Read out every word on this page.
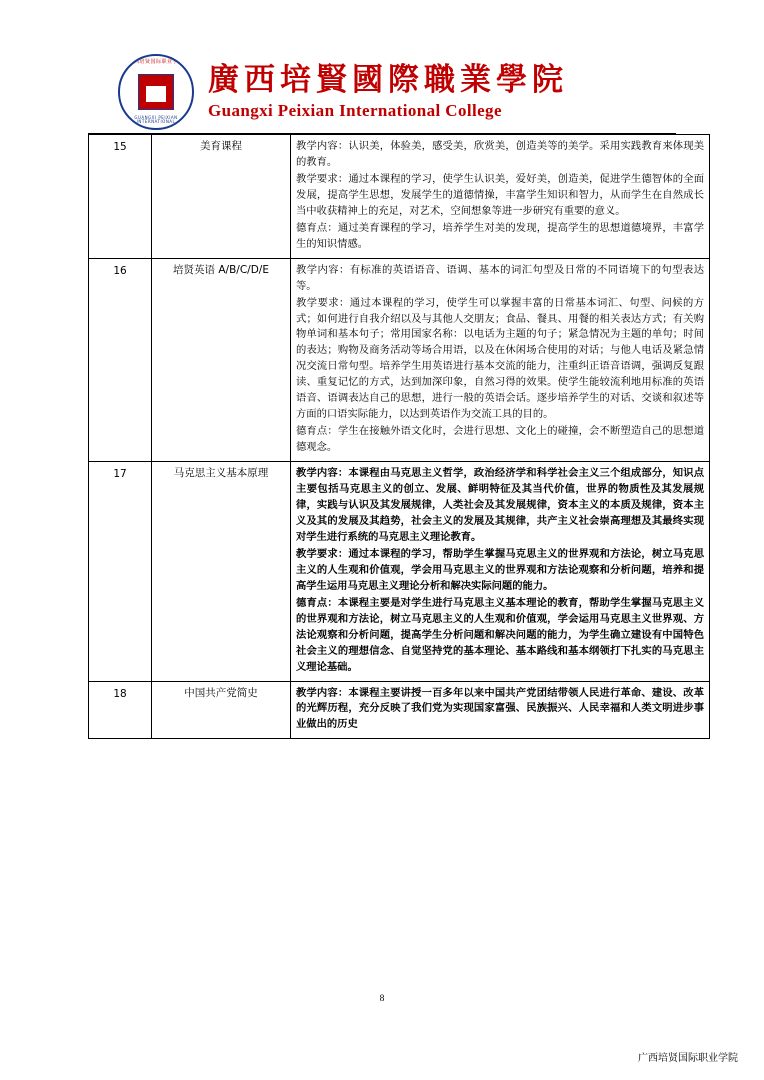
广西培贤国际职业学院
GUANGXI PEIXIAN INTERNATIONAL
廣西培賢國際職業學院
Guangxi Peixian International College
15	美育课程	教学内容：认识美，体验美，感受美，欣赏美，创造美等的美学。采用实践教育来体现美的教育。

教学要求：通过本课程的学习，使学生认识美，爱好美，创造美，促进学生德智体的全面发展，提高学生思想，发展学生的道德情操，丰富学生知识和智力，从而学生在自然成长当中收获精神上的充足，对艺术，空间想象等进一步研究有重要的意义。

德育点：通过美育课程的学习，培养学生对美的发现，提高学生的思想道德境界，丰富学生的知识情感。

16	培贤英语 A/B/C/D/E	教学内容：有标准的英语语音、语调、基本的词汇句型及日常的不同语境下的句型表达等。

教学要求：通过本课程的学习，使学生可以掌握丰富的日常基本词汇、句型、问候的方式；如何进行自我介绍以及与其他人交朋友；食品、餐具、用餐的相关表达方式；有关购物单词和基本句子；常用国家名称：以电话为主题的句子；紧急情况为主题的单句；时间的表达；购物及商务活动等场合用语，以及在休闲场合使用的对话；与他人电话及紧急情况交流日常句型。培养学生用英语进行基本交流的能力，注重纠正语音语调，强调反复跟读、重复记忆的方式，达到加深印象，自然习得的效果。使学生能较流利地用标准的英语语音、语调表达自己的思想，进行一般的英语会话。逐步培养学生的对话、交谈和叙述等方面的口语实际能力，以达到英语作为交流工具的目的。

德育点：学生在接触外语文化时，会进行思想、文化上的碰撞，会不断塑造自己的思想道德观念。

17	马克思主义基本原理	教学内容：本课程由马克思主义哲学，政治经济学和科学社会主义三个组成部分，知识点主要包括马克思主义的创立、发展、鲜明特征及其当代价值，世界的物质性及其发展规律，实践与认识及其发展规律，人类社会及其发展规律，资本主义的本质及规律，资本主义及其的发展及其趋势，社会主义的发展及其规律，共产主义社会崇高理想及其最终实现对学生进行系统的马克思主义理论教育。

教学要求：通过本课程的学习，帮助学生掌握马克思主义的世界观和方法论，树立马克思主义的人生观和价值观，学会用马克思主义的世界观和方法论观察和分析问题，培养和提高学生运用马克思主义理论分析和解决实际问题的能力。

德育点：本课程主要是对学生进行马克思主义基本理论的教育，帮助学生掌握马克思主义的世界观和方法论，树立马克思主义的人生观和价值观，学会运用马克思主义世界观、方法论观察和分析问题，提高学生分析问题和解决问题的能力，为学生确立建设有中国特色社会主义的理想信念、自觉坚持党的基本理论、基本路线和基本纲领打下扎实的马克思主义理论基础。

18	中国共产党简史	教学内容：本课程主要讲授一百多年以来中国共产党团结带领人民进行革命、建设、改革的光辉历程，充分反映了我们党为实现国家富强、民族振兴、人民幸福和人类文明进步事业做出的历史

8
广西培贤国际职业学院
